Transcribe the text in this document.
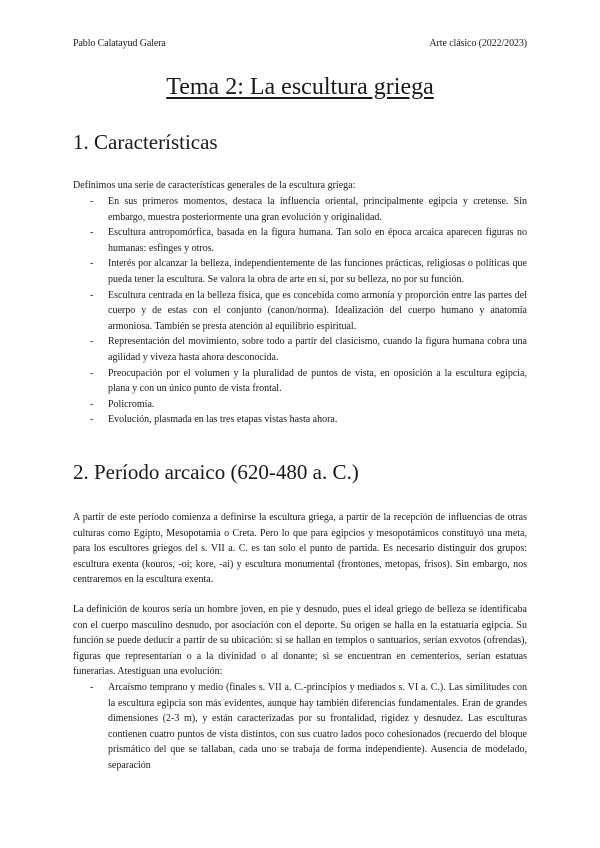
Pablo Calatayud Galera	Arte clásico (2022/2023)
Tema 2: La escultura griega
1. Características

Definimos una serie de características generales de la escultura griega:

- En sus primeros momentos, destaca la influencia oriental, principalmente egipcia y cretense. Sin embargo, muestra posteriormente una gran evolución y originalidad.
- Escultura antropomórfica, basada en la figura humana. Tan solo en época arcaica aparecen figuras no humanas: esfinges y otros.
- Interés por alcanzar la belleza, independientemente de las funciones prácticas, religiosas o políticas que pueda tener la escultura. Se valora la obra de arte en sí, por su belleza, no por su función.
- Escultura centrada en la belleza física, que es concebida como armonía y proporción entre las partes del cuerpo y de estas con el conjunto (canon/norma). Idealización del cuerpo humano y anatomía armoniosa. También se presta atención al equilibrio espiritual.
- Representación del movimiento, sobre todo a partir del clasicismo, cuando la figura humana cobra una agilidad y viveza hasta ahora desconocida.
- Preocupación por el volumen y la pluralidad de puntos de vista, en oposición a la escultura egipcia, plana y con un único punto de vista frontal.
- Policromía.
- Evolución, plasmada en las tres etapas vistas hasta ahora.
2. Período arcaico (620-480 a. C.)

A partir de este período comienza a definirse la escultura griega, a partir de la recepción de influencias de otras culturas como Egipto, Mesopotamia o Creta. Pero lo que para egipcios y mesopotámicos constituyó una meta, para los escultores griegos del s. VII a. C. es tan solo el punto de partida. Es necesario distinguir dos grupos: escultura exenta (kouros, -oi; kore, -ai) y escultura monumental (frontones, metopas, frisos). Sin embargo, nos centraremos en la escultura exenta.

La definición de kouros sería un hombre joven, en pie y desnudo, pues el ideal griego de belleza se identificaba con el cuerpo masculino desnudo, por asociación con el deporte. Su origen se halla en la estatuaria egipcia. Su función se puede deducir a partir de su ubicación: si se hallan en templos o santuarios, serían exvotos (ofrendas), figuras que representarían o a la divinidad o al donante; si se encuentran en cementerios, serían estatuas funerarias. Atestiguan una evolución:

- Arcaísmo temprano y medio (finales s. VII a. C.-principios y mediados s. VI a. C.). Las similitudes con la escultura egipcia son más evidentes, aunque hay también diferencias fundamentales. Eran de grandes dimensiones (2-3 m), y están caracterizadas por su frontalidad, rigidez y desnudez. Las esculturas contienen cuatro puntos de vista distintos, con sus cuatro lados poco cohesionados (recuerdo del bloque prismático del que se tallaban, cada uno se trabaja de forma independiente). Ausencia de modelado, separación
